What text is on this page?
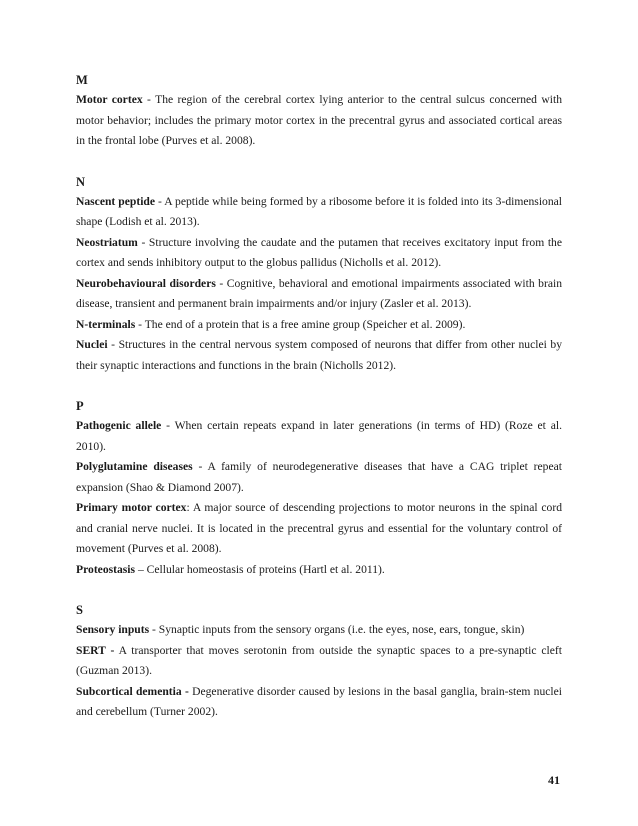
M

Motor cortex - The region of the cerebral cortex lying anterior to the central sulcus concerned with motor behavior; includes the primary motor cortex in the precentral gyrus and associated cortical areas in the frontal lobe (Purves et al. 2008).

N

Nascent peptide - A peptide while being formed by a ribosome before it is folded into its 3-dimensional shape (Lodish et al. 2013).

Neostriatum - Structure involving the caudate and the putamen that receives excitatory input from the cortex and sends inhibitory output to the globus pallidus (Nicholls et al. 2012).

Neurobehavioural disorders - Cognitive, behavioral and emotional impairments associated with brain disease, transient and permanent brain impairments and/or injury (Zasler et al. 2013).

N-terminals - The end of a protein that is a free amine group (Speicher et al. 2009).

Nuclei - Structures in the central nervous system composed of neurons that differ from other nuclei by their synaptic interactions and functions in the brain (Nicholls 2012).

P

Pathogenic allele - When certain repeats expand in later generations (in terms of HD) (Roze et al. 2010).

Polyglutamine diseases - A family of neurodegenerative diseases that have a CAG triplet repeat expansion (Shao & Diamond 2007).

Primary motor cortex: A major source of descending projections to motor neurons in the spinal cord and cranial nerve nuclei. It is located in the precentral gyrus and essential for the voluntary control of movement (Purves et al. 2008).

Proteostasis – Cellular homeostasis of proteins (Hartl et al. 2011).

S

Sensory inputs - Synaptic inputs from the sensory organs (i.e. the eyes, nose, ears, tongue, skin)

SERT - A transporter that moves serotonin from outside the synaptic spaces to a pre-synaptic cleft (Guzman 2013).

Subcortical dementia - Degenerative disorder caused by lesions in the basal ganglia, brain-stem nuclei and cerebellum (Turner 2002).

41
